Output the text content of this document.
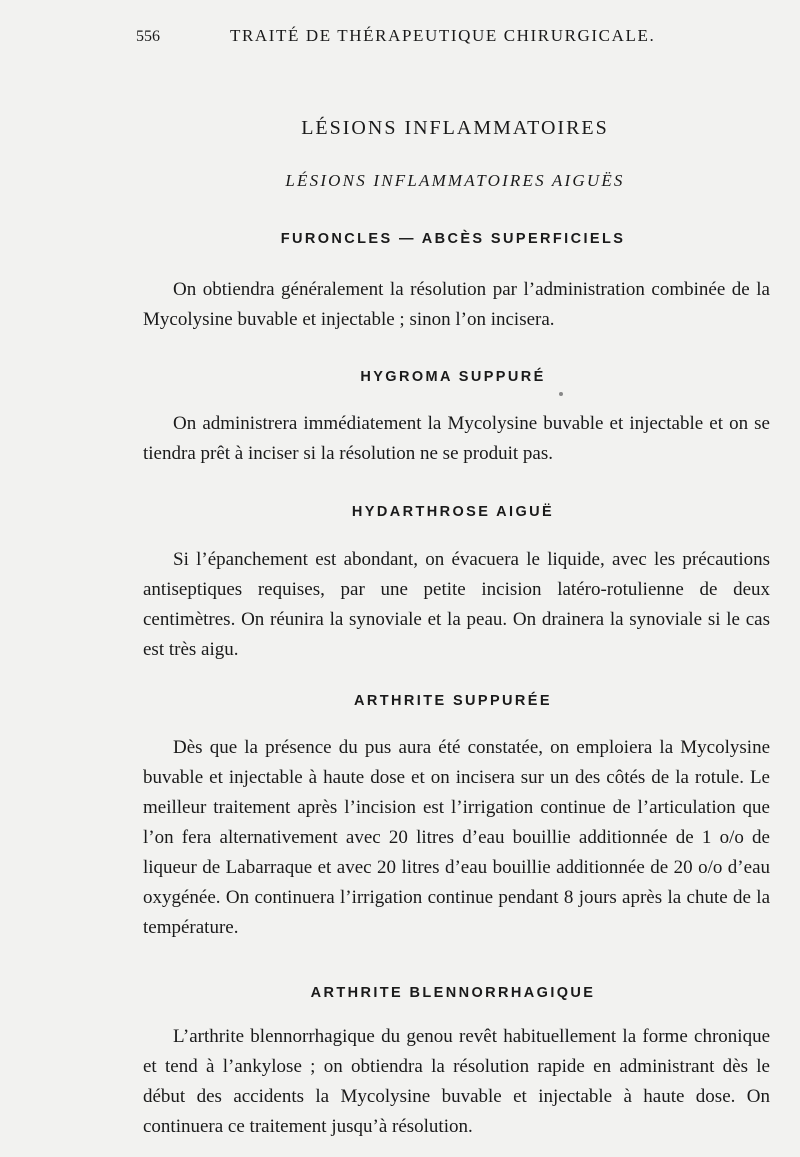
556	TRAITÉ DE THÉRAPEUTIQUE CHIRURGICALE.
LÉSIONS INFLAMMATOIRES
LÉSIONS INFLAMMATOIRES AIGUËS
FURONCLES — ABCÈS SUPERFICIELS
On obtiendra généralement la résolution par l’administration combinée de la Mycolysine buvable et injectable ; sinon l’on incisera.
HYGROMA SUPPURÉ
On administrera immédiatement la Mycolysine buvable et injectable et on se tiendra prêt à inciser si la résolution ne se produit pas.
HYDARTHROSE AIGUË
Si l’épanchement est abondant, on évacuera le liquide, avec les précautions antiseptiques requises, par une petite incision latéro-rotulienne de deux centimètres. On réunira la synoviale et la peau. On drainera la synoviale si le cas est très aigu.
ARTHRITE SUPPURÉE
Dès que la présence du pus aura été constatée, on emploiera la Mycolysine buvable et injectable à haute dose et on incisera sur un des côtés de la rotule. Le meilleur traitement après l’incision est l’irrigation continue de l’articulation que l’on fera alternativement avec 20 litres d’eau bouillie additionnée de 1 o/o de liqueur de Labarraque et avec 20 litres d’eau bouillie additionnée de 20 o/o d’eau oxygénée. On continuera l’irrigation continue pendant 8 jours après la chute de la température.
ARTHRITE BLENNORRHAGIQUE
L’arthrite blennorrhagique du genou revêt habituellement la forme chronique et tend à l’ankylose ; on obtiendra la résolution rapide en administrant dès le début des accidents la Mycolysine buvable et injectable à haute dose. On continuera ce traitement jusqu’à résolution.
